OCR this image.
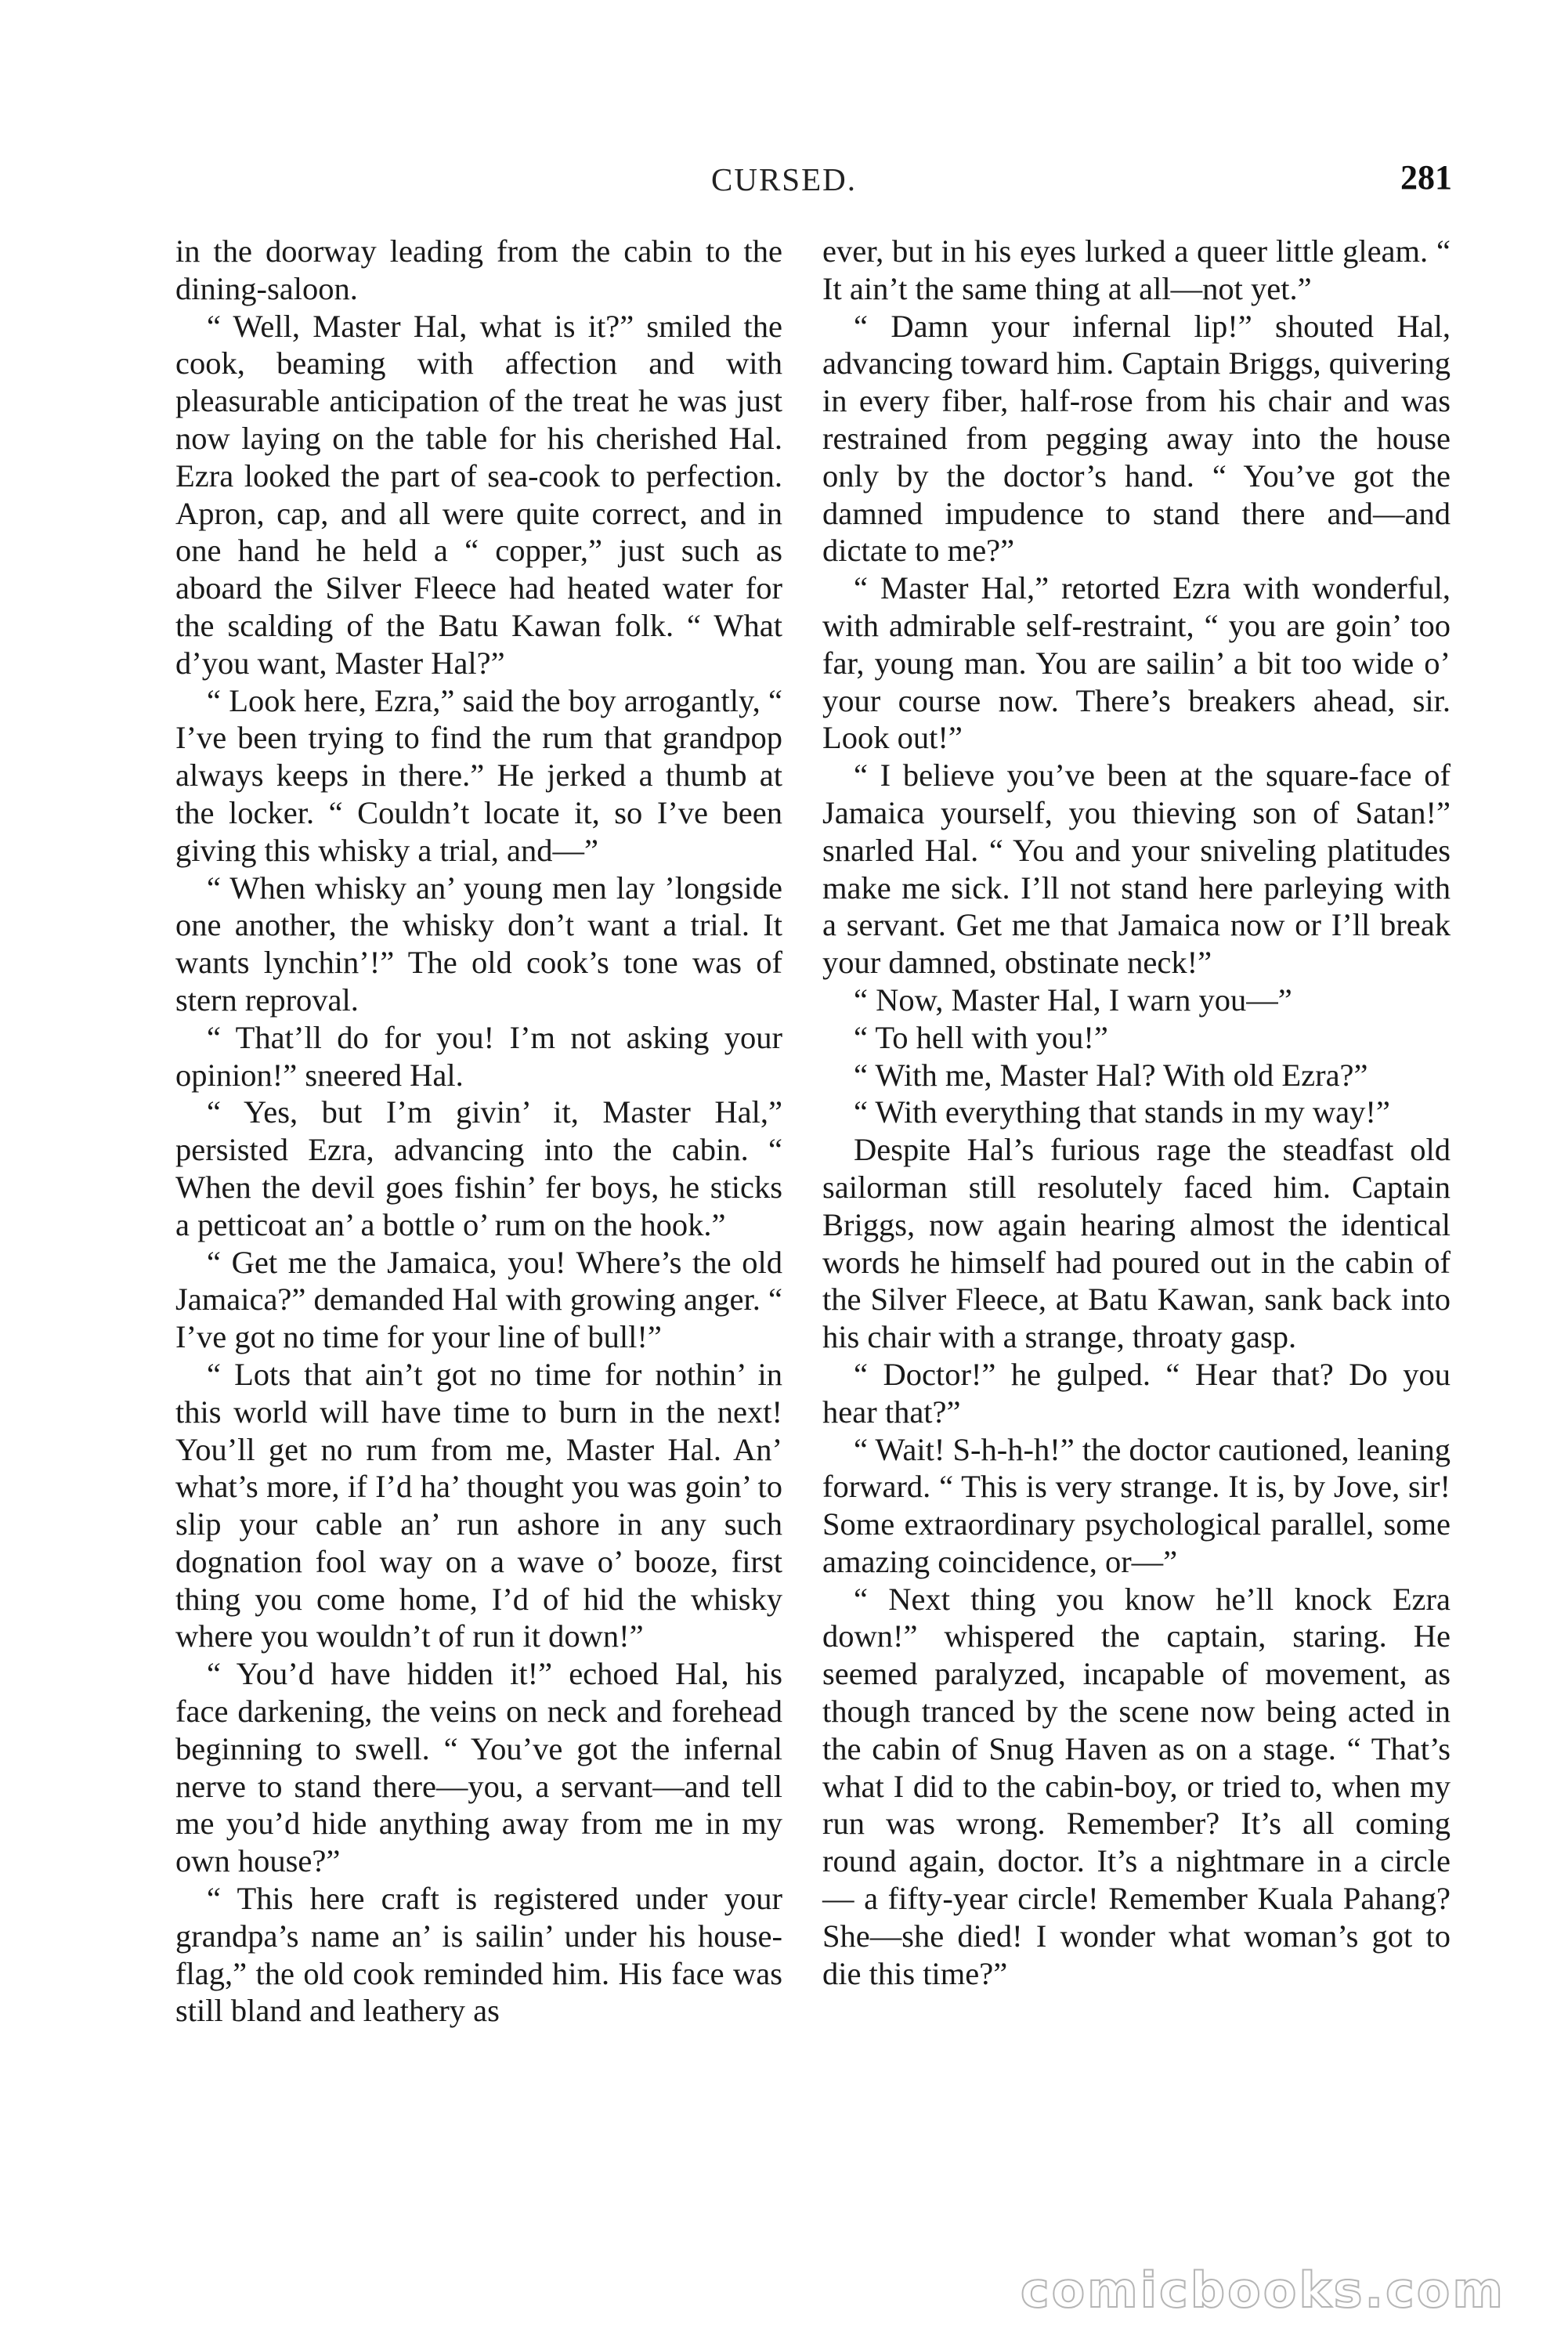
CURSED.	281

in the doorway leading from the cabin to the dining-saloon.

“ Well, Master Hal, what is it?” smiled the cook, beaming with affection and with pleasurable anticipation of the treat he was just now laying on the table for his cherished Hal. Ezra looked the part of sea-cook to perfection. Apron, cap, and all were quite correct, and in one hand he held a “ copper,” just such as aboard the Silver Fleece had heated water for the scalding of the Batu Kawan folk. “ What d’you want, Master Hal?”

“ Look here, Ezra,” said the boy arrogantly, “ I’ve been trying to find the rum that grandpop always keeps in there.” He jerked a thumb at the locker. “ Couldn’t locate it, so I’ve been giving this whisky a trial, and—”

“ When whisky an’ young men lay ’longside one another, the whisky don’t want a trial. It wants lynchin’!” The old cook’s tone was of stern reproval.

“ That’ll do for you! I’m not asking your opinion!” sneered Hal.

“ Yes, but I’m givin’ it, Master Hal,” persisted Ezra, advancing into the cabin. “ When the devil goes fishin’ fer boys, he sticks a petticoat an’ a bottle o’ rum on the hook.”

“ Get me the Jamaica, you! Where’s the old Jamaica?” demanded Hal with growing anger. “ I’ve got no time for your line of bull!”

“ Lots that ain’t got no time for nothin’ in this world will have time to burn in the next! You’ll get no rum from me, Master Hal. An’ what’s more, if I’d ha’ thought you was goin’ to slip your cable an’ run ashore in any such dognation fool way on a wave o’ booze, first thing you come home, I’d of hid the whisky where you wouldn’t of run it down!”

“ You’d have hidden it!” echoed Hal, his face darkening, the veins on neck and forehead beginning to swell. “ You’ve got the infernal nerve to stand there—you, a servant—and tell me you’d hide anything away from me in my own house?”

“ This here craft is registered under your grandpa’s name an’ is sailin’ under his house-flag,” the old cook reminded him. His face was still bland and leathery as

ever, but in his eyes lurked a queer little gleam. “ It ain’t the same thing at all—not yet.”

“ Damn your infernal lip!” shouted Hal, advancing toward him. Captain Briggs, quivering in every fiber, half-rose from his chair and was restrained from pegging away into the house only by the doctor’s hand. “ You’ve got the damned impudence to stand there and—and dictate to me?”

“ Master Hal,” retorted Ezra with wonderful, with admirable self-restraint, “ you are goin’ too far, young man. You are sailin’ a bit too wide o’ your course now. There’s breakers ahead, sir. Look out!”

“ I believe you’ve been at the square-face of Jamaica yourself, you thieving son of Satan!” snarled Hal. “ You and your sniveling platitudes make me sick. I’ll not stand here parleying with a servant. Get me that Jamaica now or I’ll break your damned, obstinate neck!”

“ Now, Master Hal, I warn you—”

“ To hell with you!”

“ With me, Master Hal? With old Ezra?”

“ With everything that stands in my way!”

Despite Hal’s furious rage the steadfast old sailorman still resolutely faced him. Captain Briggs, now again hearing almost the identical words he himself had poured out in the cabin of the Silver Fleece, at Batu Kawan, sank back into his chair with a strange, throaty gasp.

“ Doctor!” he gulped. “ Hear that? Do you hear that?”

“ Wait! S-h-h-h!” the doctor cautioned, leaning forward. “ This is very strange. It is, by Jove, sir! Some extraordinary psychological parallel, some amazing coincidence, or—”

“ Next thing you know he’ll knock Ezra down!” whispered the captain, staring. He seemed paralyzed, incapable of movement, as though tranced by the scene now being acted in the cabin of Snug Haven as on a stage. “ That’s what I did to the cabin-boy, or tried to, when my run was wrong. Remember? It’s all coming round again, doctor. It’s a nightmare in a circle — a fifty-year circle! Remember Kuala Pahang? She—she died! I wonder what woman’s got to die this time?”

comicbooks.com
